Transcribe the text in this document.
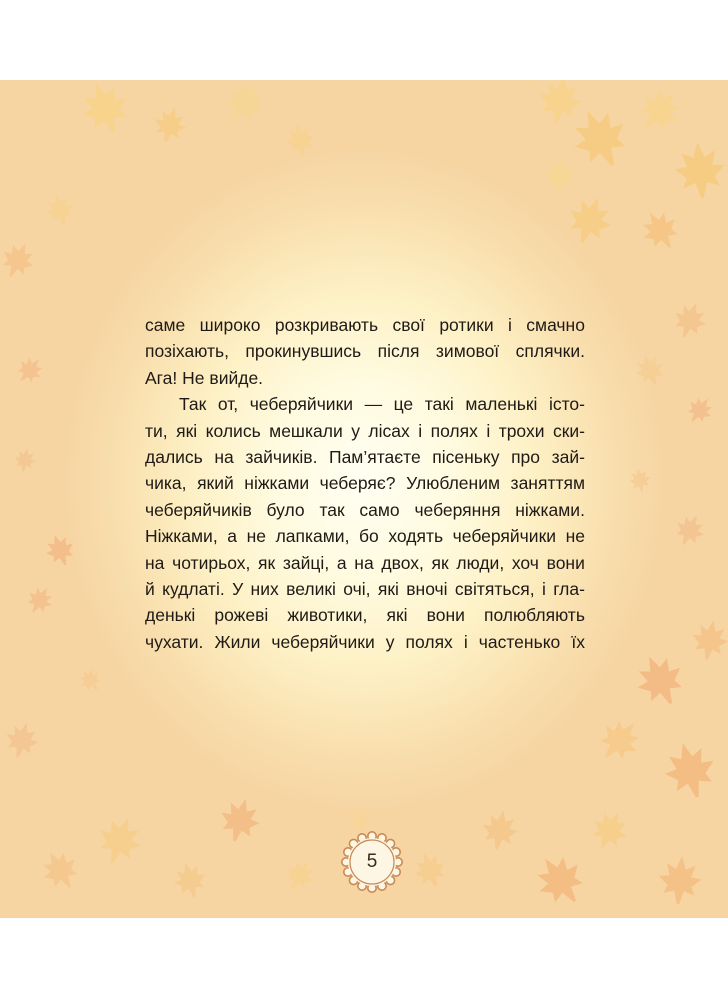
саме широко розкривають свої ротики і смачно
позіхають, прокинувшись після зимової сплячки.
Ага! Не вийде.
Так от, чеберяйчики — це такі маленькі істо-
ти, які колись мешкали у лісах і полях і трохи ски-
дались на зайчиків. Пам’ятаєте пісеньку про зай-
чика, який ніжками чеберяє? Улюбленим заняттям
чеберяйчиків було так само чеберяння ніжками.
Ніжками, а не лапками, бо ходять чеберяйчики не
на чотирьох, як зайці, а на двох, як люди, хоч вони
й кудлаті. У них великі очі, які вночі світяться, і гла-
денькі рожеві животики, які вони полюбляють
чухати. Жили чеберяйчики у полях і частенько їх
5
